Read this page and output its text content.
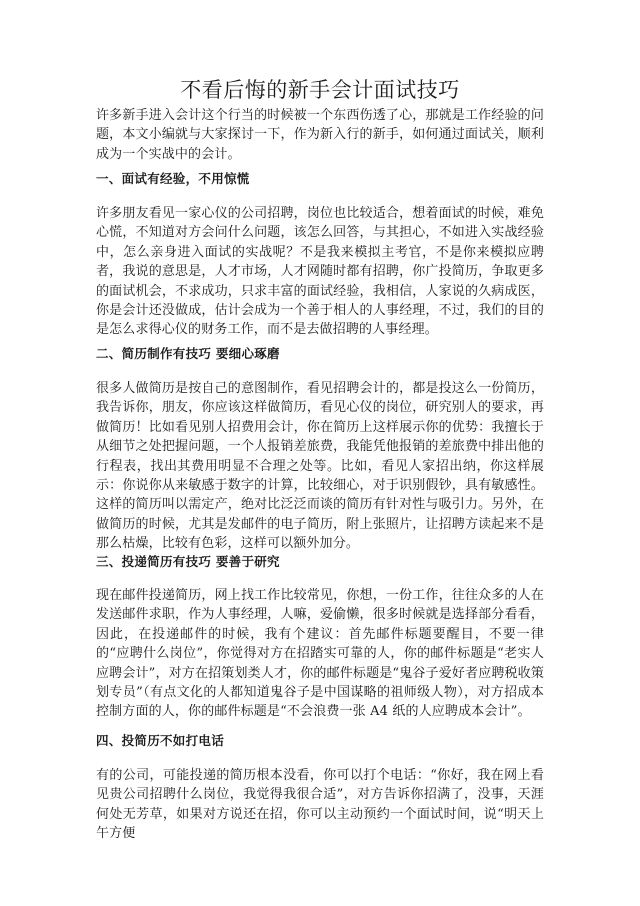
不看后悔的新手会计面试技巧

许多新手进入会计这个行当的时候被一个东西伤透了心，那就是工作经验的问题，本文小编就与大家探讨一下，作为新入行的新手，如何通过面试关，顺利成为一个实战中的会计。

一、面试有经验，不用惊慌

许多朋友看见一家心仪的公司招聘，岗位也比较适合，想着面试的时候，难免心慌，不知道对方会问什么问题，该怎么回答，与其担心，不如进入实战经验中，怎么亲身进入面试的实战呢？不是我来模拟主考官，不是你来模拟应聘者，我说的意思是，人才市场，人才网随时都有招聘，你广投简历，争取更多的面试机会，不求成功，只求丰富的面试经验，我相信，人家说的久病成医，你是会计还没做成，估计会成为一个善于相人的人事经理，不过，我们的目的是怎么求得心仪的财务工作，而不是去做招聘的人事经理。

二、简历制作有技巧 要细心琢磨

很多人做简历是按自己的意图制作，看见招聘会计的，都是投这么一份简历，我告诉你，朋友，你应该这样做简历，看见心仪的岗位，研究别人的要求，再做简历！比如看见别人招费用会计，你在简历上这样展示你的优势：我擅长于从细节之处把握问题，一个人报销差旅费，我能凭他报销的差旅费中排出他的行程表，找出其费用明显不合理之处等。比如，看见人家招出纳，你这样展示：你说你从来敏感于数字的计算，比较细心，对于识别假钞，具有敏感性。这样的简历叫以需定产，绝对比泛泛而谈的简历有针对性与吸引力。另外，在做简历的时候，尤其是发邮件的电子简历，附上张照片，让招聘方读起来不是那么枯燥，比较有色彩，这样可以额外加分。

三、投递简历有技巧 要善于研究

现在邮件投递简历，网上找工作比较常见，你想，一份工作，往往众多的人在发送邮件求职，作为人事经理，人嘛，爱偷懒，很多时候就是选择部分看看，因此，在投递邮件的时候，我有个建议：首先邮件标题要醒目，不要一律的“应聘什么岗位”，你觉得对方在招踏实可靠的人，你的邮件标题是“老实人应聘会计”，对方在招策划类人才，你的邮件标题是“鬼谷子爱好者应聘税收策划专员”（有点文化的人都知道鬼谷子是中国谋略的祖师级人物），对方招成本控制方面的人，你的邮件标题是“不会浪费一张 A4 纸的人应聘成本会计”。

四、投简历不如打电话

有的公司，可能投递的简历根本没看，你可以打个电话：“你好，我在网上看见贵公司招聘什么岗位，我觉得我很合适”，对方告诉你招满了，没事，天涯何处无芳草，如果对方说还在招，你可以主动预约一个面试时间，说“明天上午方便
